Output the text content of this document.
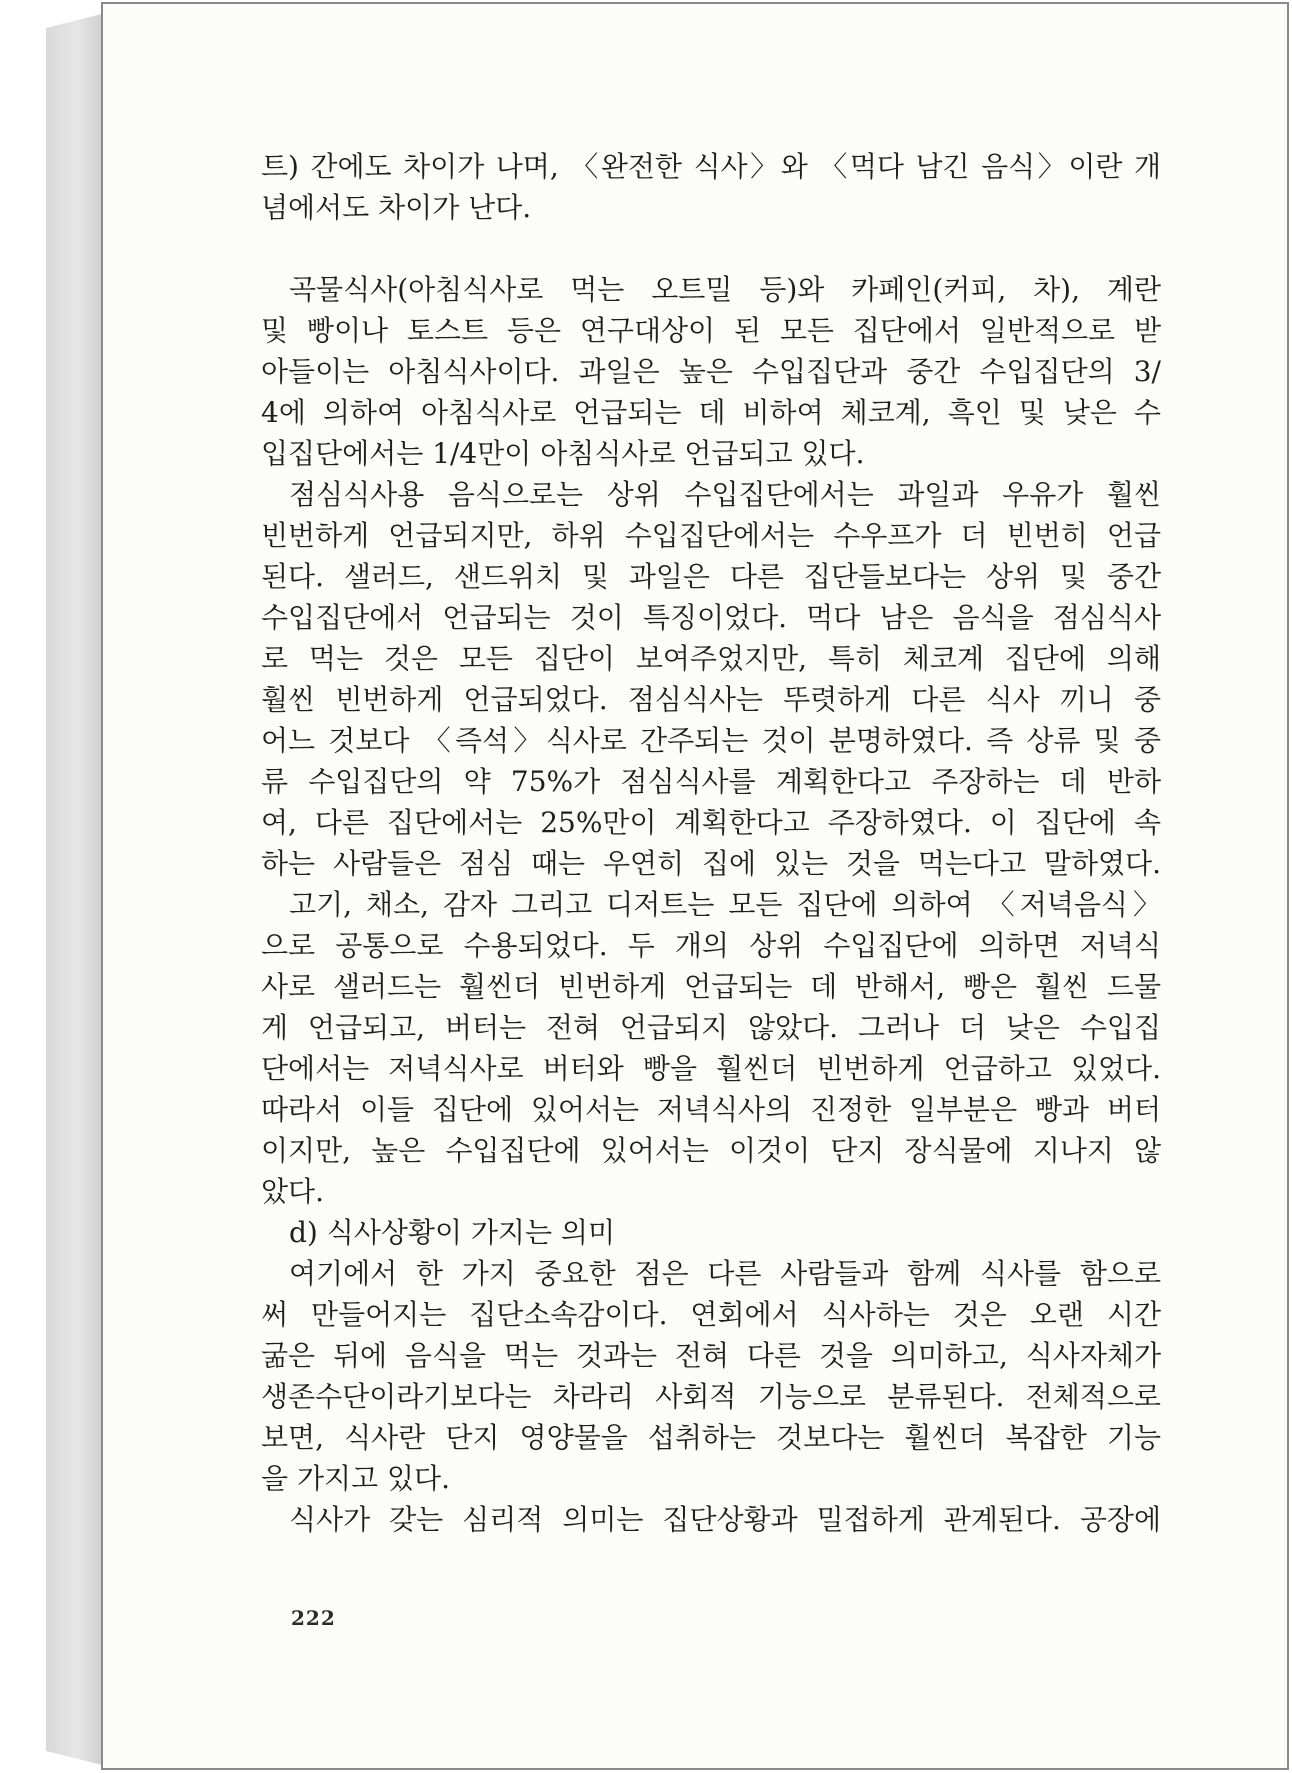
트) 간에도 차이가 나며, 〈완전한 식사〉와 〈먹다 남긴 음식〉이란 개
념에서도 차이가 난다.
곡물식사(아침식사로 먹는 오트밀 등)와 카페인(커피, 차), 계란
및 빵이나 토스트 등은 연구대상이 된 모든 집단에서 일반적으로 받
아들이는 아침식사이다. 과일은 높은 수입집단과 중간 수입집단의 3/
4에 의하여 아침식사로 언급되는 데 비하여 체코계, 흑인 및 낮은 수
입집단에서는 1/4만이 아침식사로 언급되고 있다.
점심식사용 음식으로는 상위 수입집단에서는 과일과 우유가 훨씬
빈번하게 언급되지만, 하위 수입집단에서는 수우프가 더 빈번히 언급
된다. 샐러드, 샌드위치 및 과일은 다른 집단들보다는 상위 및 중간
수입집단에서 언급되는 것이 특징이었다. 먹다 남은 음식을 점심식사
로 먹는 것은 모든 집단이 보여주었지만, 특히 체코계 집단에 의해
훨씬 빈번하게 언급되었다. 점심식사는 뚜렷하게 다른 식사 끼니 중
어느 것보다 〈즉석〉식사로 간주되는 것이 분명하였다. 즉 상류 및 중
류 수입집단의 약 75%가 점심식사를 계획한다고 주장하는 데 반하
여, 다른 집단에서는 25%만이 계획한다고 주장하였다. 이 집단에 속
하는 사람들은 점심 때는 우연히 집에 있는 것을 먹는다고 말하였다.
고기, 채소, 감자 그리고 디저트는 모든 집단에 의하여 〈저녁음식〉
으로 공통으로 수용되었다. 두 개의 상위 수입집단에 의하면 저녁식
사로 샐러드는 훨씬더 빈번하게 언급되는 데 반해서, 빵은 훨씬 드물
게 언급되고, 버터는 전혀 언급되지 않았다. 그러나 더 낮은 수입집
단에서는 저녁식사로 버터와 빵을 훨씬더 빈번하게 언급하고 있었다.
따라서 이들 집단에 있어서는 저녁식사의 진정한 일부분은 빵과 버터
이지만, 높은 수입집단에 있어서는 이것이 단지 장식물에 지나지 않
았다.
d) 식사상황이 가지는 의미
여기에서 한 가지 중요한 점은 다른 사람들과 함께 식사를 함으로
써 만들어지는 집단소속감이다. 연회에서 식사하는 것은 오랜 시간
굶은 뒤에 음식을 먹는 것과는 전혀 다른 것을 의미하고, 식사자체가
생존수단이라기보다는 차라리 사회적 기능으로 분류된다. 전체적으로
보면, 식사란 단지 영양물을 섭취하는 것보다는 훨씬더 복잡한 기능
을 가지고 있다.
식사가 갖는 심리적 의미는 집단상황과 밀접하게 관계된다. 공장에
222
